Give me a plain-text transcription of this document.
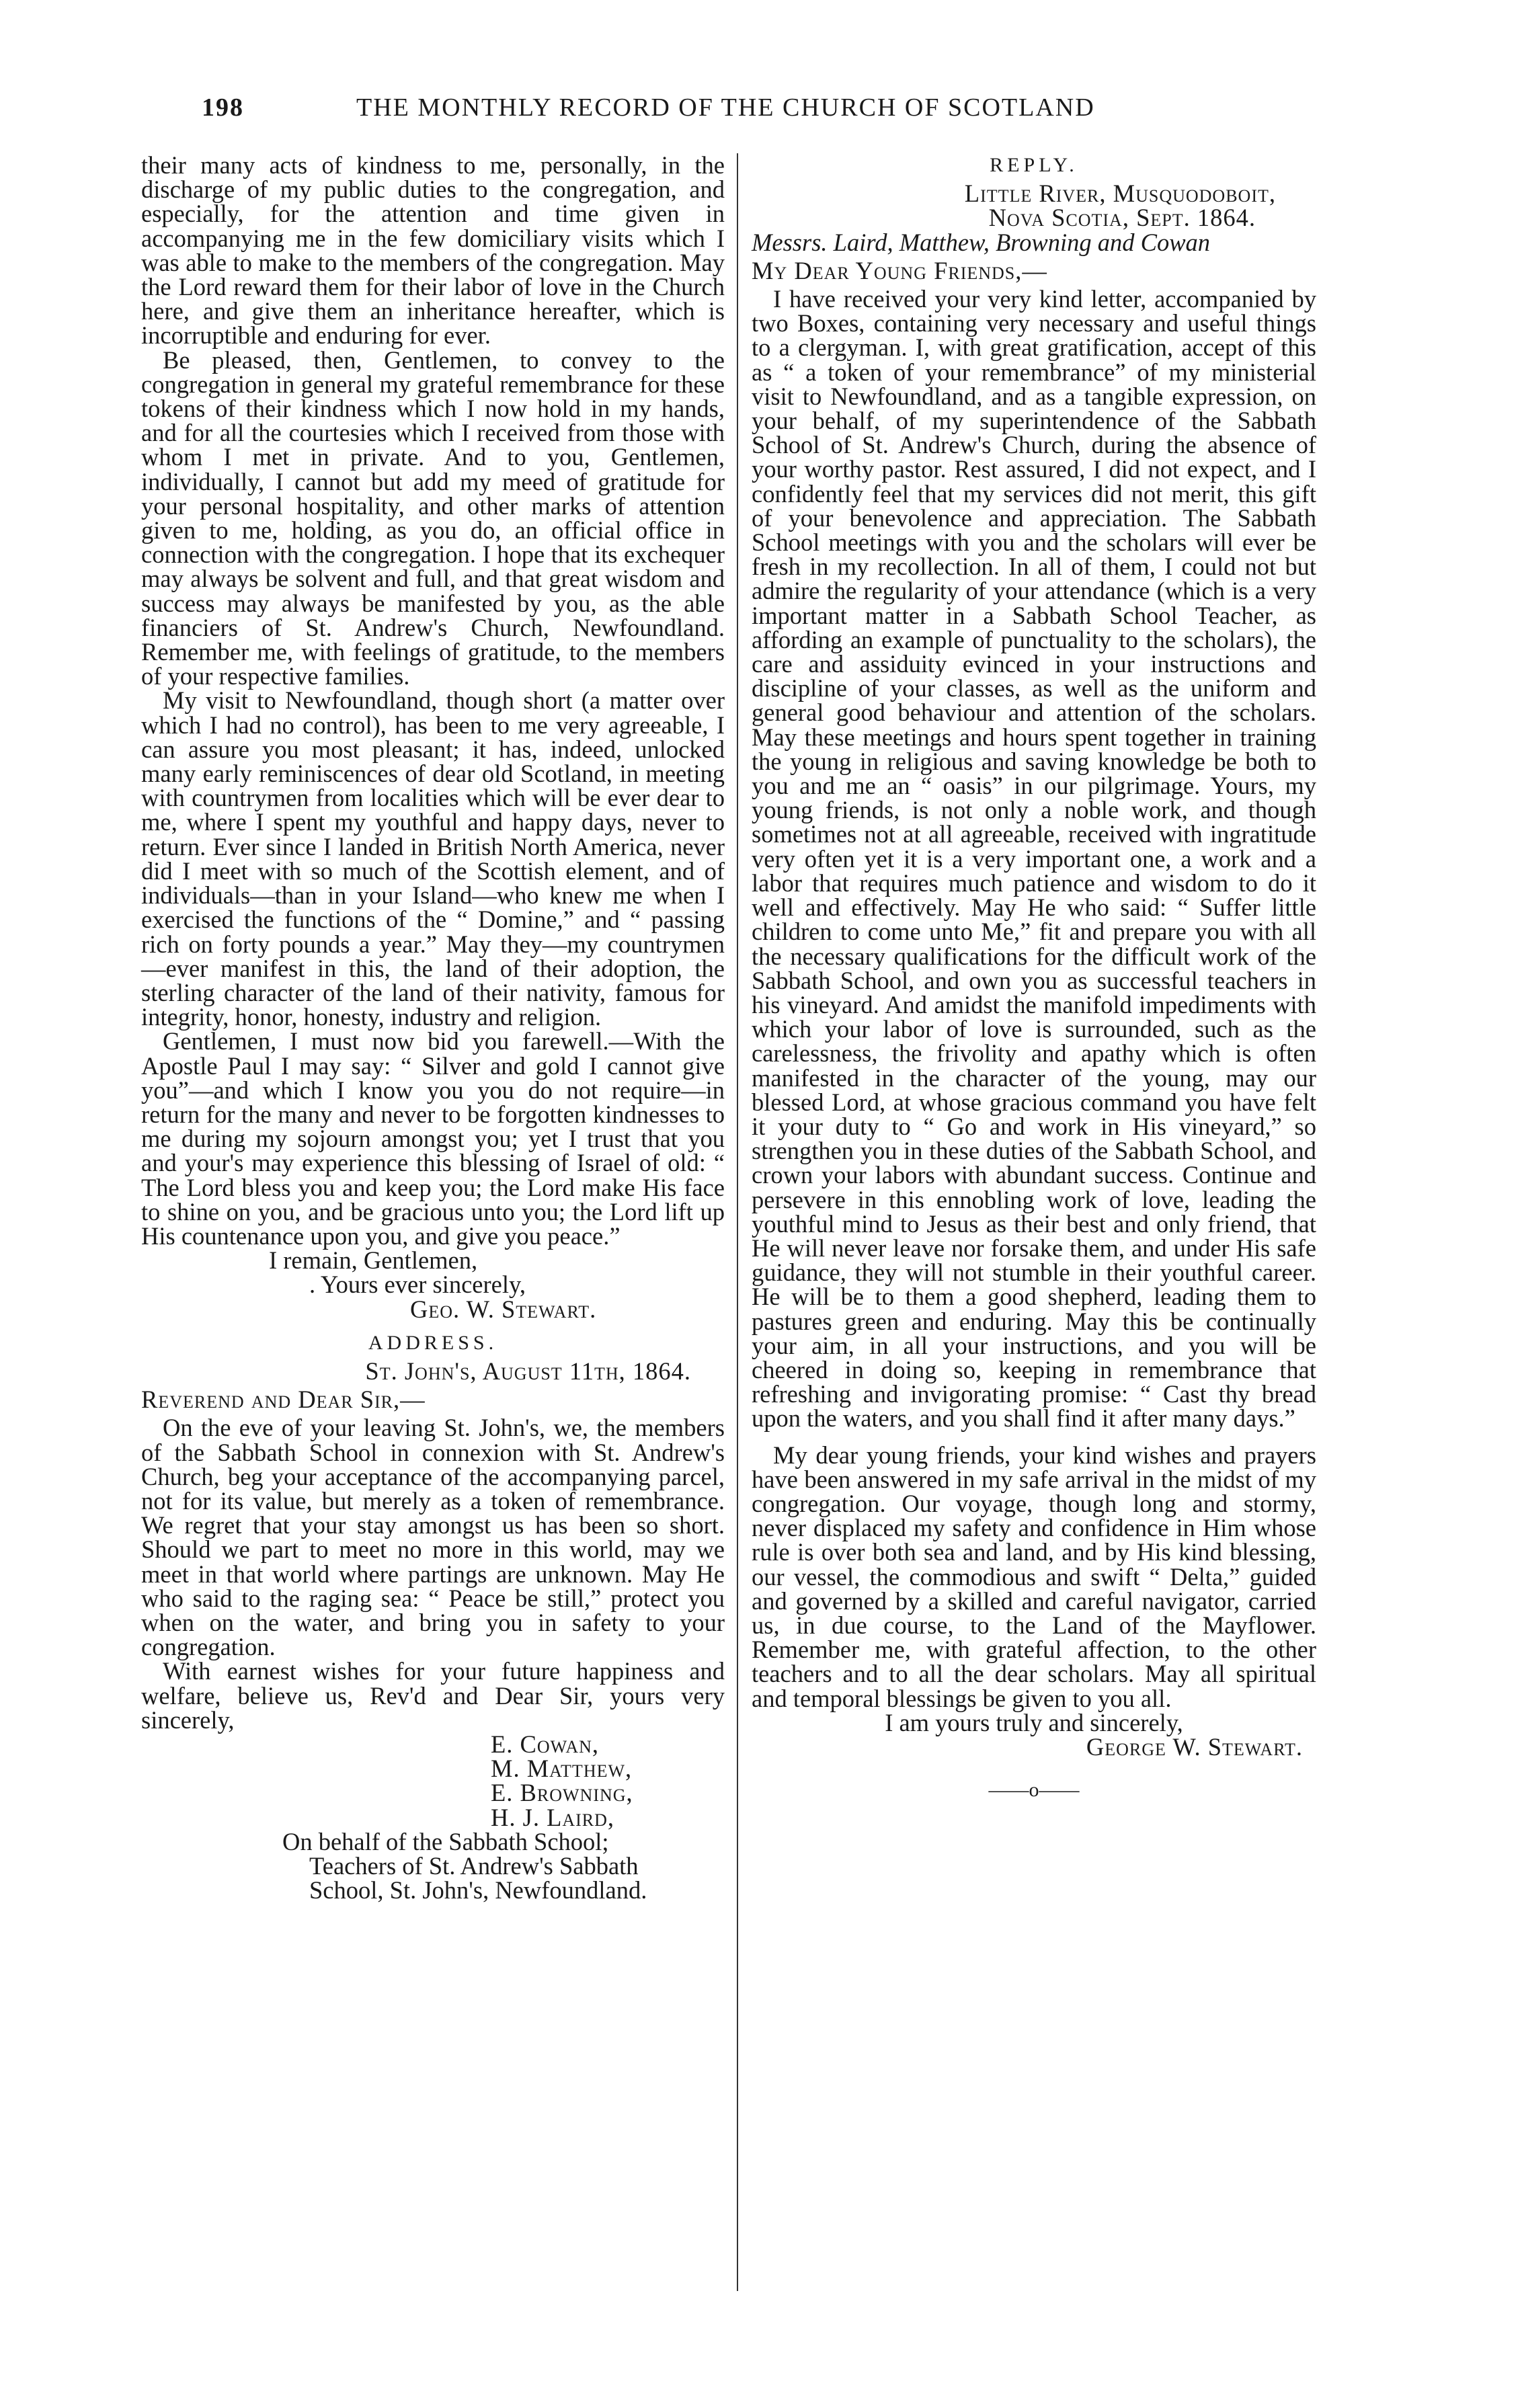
198	THE MONTHLY RECORD OF THE CHURCH OF SCOTLAND

their many acts of kindness to me, personally, in the discharge of my public duties to the congregation, and especially, for the attention and time given in accompanying me in the few domiciliary visits which I was able to make to the members of the congregation. May the Lord reward them for their labor of love in the Church here, and give them an inheritance hereafter, which is incorruptible and enduring for ever.

Be pleased, then, Gentlemen, to convey to the congregation in general my grateful remembrance for these tokens of their kindness which I now hold in my hands, and for all the courtesies which I received from those with whom I met in private. And to you, Gentlemen, individually, I cannot but add my meed of gratitude for your personal hospitality, and other marks of attention given to me, holding, as you do, an official office in connection with the congregation. I hope that its exchequer may always be solvent and full, and that great wisdom and success may always be manifested by you, as the able financiers of St. Andrew's Church, Newfoundland. Remember me, with feelings of gratitude, to the members of your respective families.

My visit to Newfoundland, though short (a matter over which I had no control), has been to me very agreeable, I can assure you most pleasant; it has, indeed, unlocked many early reminiscences of dear old Scotland, in meeting with countrymen from localities which will be ever dear to me, where I spent my youthful and happy days, never to return. Ever since I landed in British North America, never did I meet with so much of the Scottish element, and of individuals—than in your Island—who knew me when I exercised the functions of the “ Domine,” and “ passing rich on forty pounds a year.” May they—my countrymen—ever manifest in this, the land of their adoption, the sterling character of the land of their nativity, famous for integrity, honor, honesty, industry and religion.

Gentlemen, I must now bid you farewell.—With the Apostle Paul I may say: “ Silver and gold I cannot give you”—and which I know you you do not require—in return for the many and never to be forgotten kindnesses to me during my sojourn amongst you; yet I trust that you and your's may experience this blessing of Israel of old: “ The Lord bless you and keep you; the Lord make His face to shine on you, and be gracious unto you; the Lord lift up His countenance upon you, and give you peace.”

I remain, Gentlemen,

. Yours ever sincerely,

Geo. W. Stewart.

ADDRESS.

St. John's, August 11th, 1864.

Reverend and Dear Sir,—

On the eve of your leaving St. John's, we, the members of the Sabbath School in connexion with St. Andrew's Church, beg your acceptance of the accompanying parcel, not for its value, but merely as a token of remembrance. We regret that your stay amongst us has been so short. Should we part to meet no more in this world, may we meet in that world where partings are unknown. May He who said to the raging sea: “ Peace be still,” protect you when on the water, and bring you in safety to your congregation.

With earnest wishes for your future happiness and welfare, believe us, Rev'd and Dear Sir, yours very sincerely,

E. Cowan,

M. Matthew,

E. Browning,

H. J. Laird,

On behalf of the Sabbath School;

Teachers of St. Andrew's Sabbath

School, St. John's, Newfoundland.

REPLY.

Little River, Musquodoboit,

Nova Scotia, Sept. 1864.

Messrs. Laird, Matthew, Browning and Cowan

My Dear Young Friends,—

I have received your very kind letter, accompanied by two Boxes, containing very necessary and useful things to a clergyman. I, with great gratification, accept of this as “ a token of your remembrance” of my ministerial visit to Newfoundland, and as a tangible expression, on your behalf, of my superintendence of the Sabbath School of St. Andrew's Church, during the absence of your worthy pastor. Rest assured, I did not expect, and I confidently feel that my services did not merit, this gift of your benevolence and appreciation. The Sabbath School meetings with you and the scholars will ever be fresh in my recollection. In all of them, I could not but admire the regularity of your attendance (which is a very important matter in a Sabbath School Teacher, as affording an example of punctuality to the scholars), the care and assiduity evinced in your instructions and discipline of your classes, as well as the uniform and general good behaviour and attention of the scholars. May these meetings and hours spent together in training the young in religious and saving knowledge be both to you and me an “ oasis” in our pilgrimage. Yours, my young friends, is not only a noble work, and though sometimes not at all agreeable, received with ingratitude very often yet it is a very important one, a work and a labor that requires much patience and wisdom to do it well and effectively. May He who said: “ Suffer little children to come unto Me,” fit and prepare you with all the necessary qualifications for the difficult work of the Sabbath School, and own you as successful teachers in his vineyard. And amidst the manifold impediments with which your labor of love is surrounded, such as the carelessness, the frivolity and apathy which is often manifested in the character of the young, may our blessed Lord, at whose gracious command you have felt it your duty to “ Go and work in His vineyard,” so strengthen you in these duties of the Sabbath School, and crown your labors with abundant success. Continue and persevere in this ennobling work of love, leading the youthful mind to Jesus as their best and only friend, that He will never leave nor forsake them, and under His safe guidance, they will not stumble in their youthful career. He will be to them a good shepherd, leading them to pastures green and enduring. May this be continually your aim, in all your instructions, and you will be cheered in doing so, keeping in remembrance that refreshing and invigorating promise: “ Cast thy bread upon the waters, and you shall find it after many days.”

My dear young friends, your kind wishes and prayers have been answered in my safe arrival in the midst of my congregation. Our voyage, though long and stormy, never displaced my safety and confidence in Him whose rule is over both sea and land, and by His kind blessing, our vessel, the commodious and swift “ Delta,” guided and governed by a skilled and careful navigator, carried us, in due course, to the Land of the Mayflower. Remember me, with grateful affection, to the other teachers and to all the dear scholars. May all spiritual and temporal blessings be given to you all.

I am yours truly and sincerely,

George W. Stewart.

——o——
